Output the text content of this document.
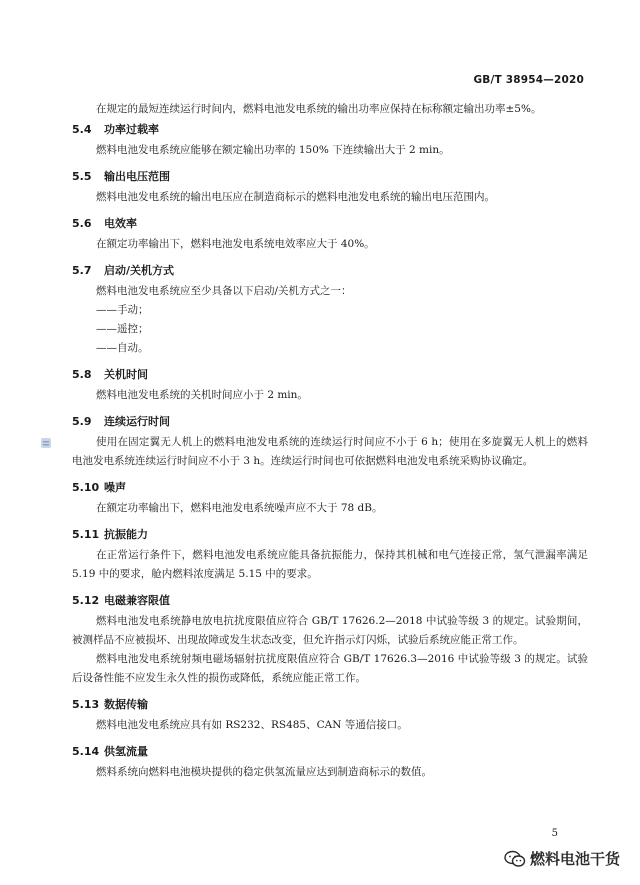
GB/T 38954—2020

在规定的最短连续运行时间内，燃料电池发电系统的输出功率应保持在标称额定输出功率±5%。

5.4 功率过载率

燃料电池发电系统应能够在额定输出功率的 150% 下连续输出大于 2 min。

5.5 输出电压范围

燃料电池发电系统的输出电压应在制造商标示的燃料电池发电系统的输出电压范围内。

5.6 电效率

在额定功率输出下，燃料电池发电系统电效率应大于 40%。

5.7 启动/关机方式

燃料电池发电系统应至少具备以下启动/关机方式之一：

——手动；
——遥控；
——自动。
5.8 关机时间

燃料电池发电系统的关机时间应小于 2 min。

5.9 连续运行时间

使用在固定翼无人机上的燃料电池发电系统的连续运行时间应不小于 6 h；使用在多旋翼无人机上的燃料电池发电系统连续运行时间应不小于 3 h。连续运行时间也可依据燃料电池发电系统采购协议确定。

5.10 噪声

在额定功率输出下，燃料电池发电系统噪声应不大于 78 dB。

5.11 抗振能力

在正常运行条件下，燃料电池发电系统应能具备抗振能力，保持其机械和电气连接正常，氢气泄漏率满足 5.19 中的要求，舱内燃料浓度满足 5.15 中的要求。

5.12 电磁兼容限值

燃料电池发电系统静电放电抗扰度限值应符合 GB/T 17626.2—2018 中试验等级 3 的规定。试验期间，被测样品不应被损坏、出现故障或发生状态改变，但允许指示灯闪烁，试验后系统应能正常工作。

燃料电池发电系统射频电磁场辐射抗扰度限值应符合 GB/T 17626.3—2016 中试验等级 3 的规定。试验后设备性能不应发生永久性的损伤或降低，系统应能正常工作。

5.13 数据传输

燃料电池发电系统应具有如 RS232、RS485、CAN 等通信接口。

5.14 供氢流量

燃料系统向燃料电池模块提供的稳定供氢流量应达到制造商标示的数值。

5
燃料电池干货
